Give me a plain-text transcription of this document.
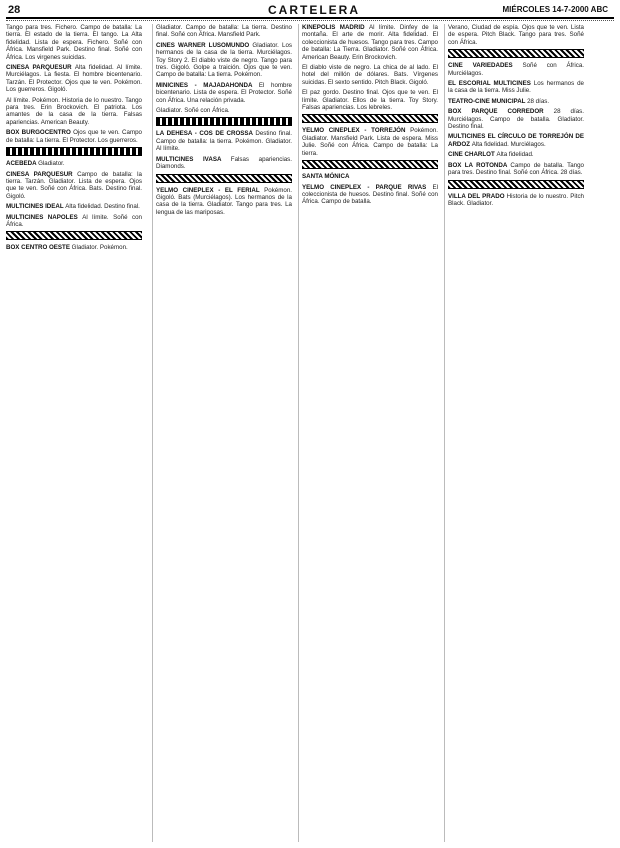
28	CARTELERA	MIÉRCOLES 14-7-2000 ABC

Tango para tres. Fichero. Campo de batalla: La tierra. El estado de la tierra. El tango. La Alta fidelidad. Lista de espera. Fichero. Soñé con África. Mansfield Park. Destino final. Soñé con África. Los virgenes suicidas.

CINESA PARQUESUR Alta fidelidad. Al límite. Murciélagos. La fiesta. El hombre bicentenario. Tarzán. El Protector. Ojos que te ven. Pokémon. Los guerreros. Gigoló.

Al límite. Pokémon. Historia de lo nuestro. Tango para tres. Erin Brockovich. El patriota. Los amantes de la casa de la tierra. Falsas apariencias. American Beauty.

BOX BURGOCENTRO Ojos que te ven. Campo de batalla: La tierra. El Protector. Los guerreros.

ACEBEDA Gladiator.

CINESA PARQUESUR Campo de batalla: la tierra. Tarzán. Gladiator. Lista de espera. Ojos que te ven. Soñé con África. Bats. Destino final. Gigoló.

MULTICINES IDEAL Alta fidelidad. Destino final.

MULTICINES NAPOLES Al límite. Soñé con África.

BOX CENTRO OESTE Gladiator. Pokémon.

Gladiator. Campo de batalla: La tierra. Destino final. Soñé con África. Mansfield Park.

CINES WARNER LUSOMUNDO Gladiator. Los hermanos de la casa de la tierra. Murciélagos. Toy Story 2. El diablo viste de negro. Tango para tres. Gigoló. Golpe a traición. Ojos que te ven. Campo de batalla: La tierra. Pokémon.

MINICINES - MAJADAHONDA El hombre bicentenario. Lista de espera. El Protector. Soñé con África. Una relación privada.

Gladiator. Soñé con África.

LA DEHESA - COS DE CROSSA Destino final. Campo de batalla: la tierra. Pokémon. Gladiator. Al límite.

MULTICINES IVASA Falsas apariencias. Diamonds.

YELMO CINEPLEX - EL FERIAL Pokémon. Gigoló. Bats (Murciélagos). Los hermanos de la casa de la tierra. Gladiator. Tango para tres. La lengua de las mariposas.

KINEPOLIS MADRID Al límite. Dinfey de la montaña. El arte de morir. Alta fidelidad. El coleccionista de huesos. Tango para tres. Campo de batalla: La Tierra. Gladiator. Soñé con África. American Beauty. Erin Brockovich.

El diablo viste de negro. La chica de al lado. El hotel del millón de dólares. Bats. Vírgenes suicidas. El sexto sentido. Pitch Black. Gigoló.

El paz gordo. Destino final. Ojos que te ven. El límite. Gladiator. Ellos de la tierra. Toy Story. Falsas apariencias. Los lebreles.

YELMO CINEPLEX - TORREJÓN Pokémon. Gladiator. Mansfield Park. Lista de espera. Miss Julie. Soñé con África. Campo de batalla: La tierra.

SANTA MÓNICA

YELMO CINEPLEX - PARQUE RIVAS El coleccionista de huesos. Destino final. Soñé con África. Campo de batalla.

Verano, Ciudad de espía. Ojos que te ven. Lista de espera. Pitch Black. Tango para tres. Soñé con África.

CINE VARIEDADES Soñé con África. Murciélagos.

EL ESCORIAL MULTICINES Los hermanos de la casa de la tierra. Miss Julie.

TEATRO-CINE MUNICIPAL 28 días.

BOX PARQUE CORREDOR 28 días. Murciélagos. Campo de batalla. Gladiator. Destino final.

MULTICINES EL CÍRCULO DE TORREJÓN DE ARDOZ Alta fidelidad. Murciélagos.

CINE CHARLOT Alta fidelidad.

BOX LA ROTONDA Campo de batalla. Tango para tres. Destino final. Soñé con África. 28 días.

VILLA DEL PRADO Historia de lo nuestro. Pitch Black. Gladiator.
